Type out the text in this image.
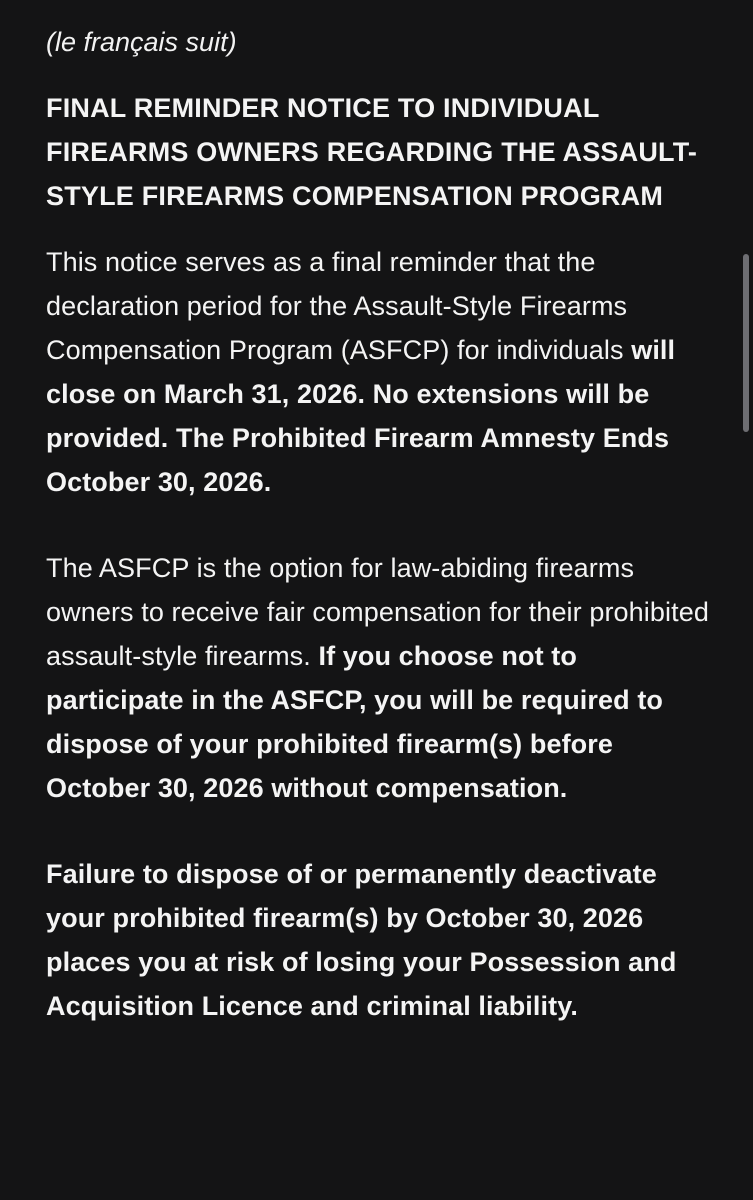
(le français suit)

FINAL REMINDER NOTICE TO INDIVIDUAL FIREARMS OWNERS REGARDING THE ASSAULT-STYLE FIREARMS COMPENSATION PROGRAM

This notice serves as a final reminder that the declaration period for the Assault-Style Firearms Compensation Program (ASFCP) for individuals will close on March 31, 2026. No extensions will be provided. The Prohibited Firearm Amnesty Ends October 30, 2026.

The ASFCP is the option for law-abiding firearms owners to receive fair compensation for their prohibited assault-style firearms. If you choose not to participate in the ASFCP, you will be required to dispose of your prohibited firearm(s) before October 30, 2026 without compensation.

Failure to dispose of or permanently deactivate your prohibited firearm(s) by October 30, 2026 places you at risk of losing your Possession and Acquisition Licence and criminal liability.
